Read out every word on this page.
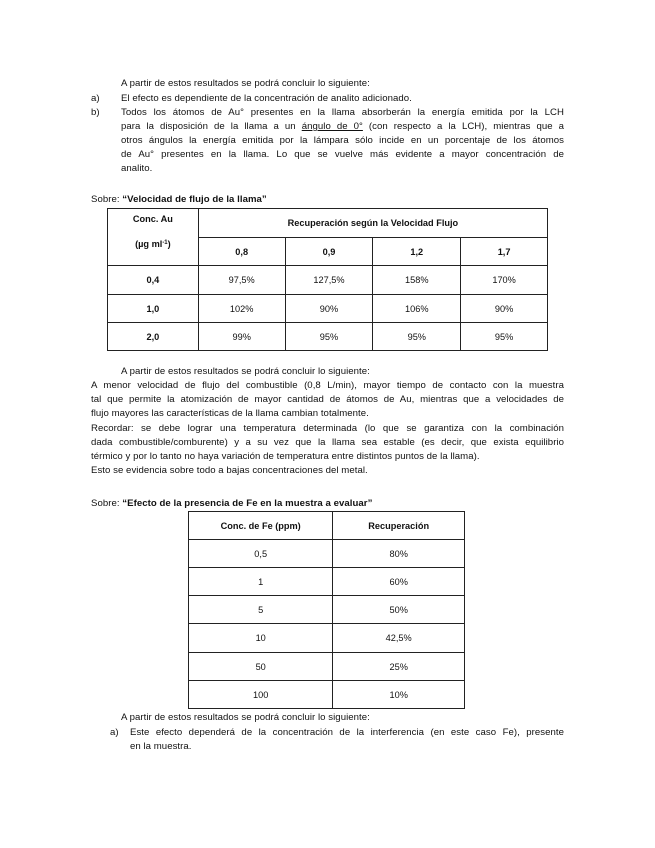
A partir de estos resultados se podrá concluir lo siguiente:
a) El efecto es dependiente de la concentración de analito adicionado.
b) Todos los átomos de Au° presentes en la llama absorberán la energía emitida por la LCH
para la disposición de la llama a un ángulo de 0° (con respecto a la LCH), mientras que a
otros ángulos la energía emitida por la lámpara sólo incide en un porcentaje de los átomos
de Au° presentes en la llama. Lo que se vuelve más evidente a mayor concentración de
analito.
Sobre: “Velocidad de flujo de la llama”
Conc. Au
(µg $ml^{-1}$)	Recuperación según la Velocidad Flujo			
	0,8	0,9	1,2	1,7
0,4	97,5%	127,5%	158%	170%
1,0	102%	90%	106%	90%
2,0	99%	95%	95%	95%
A partir de estos resultados se podrá concluir lo siguiente:
A menor velocidad de flujo del combustible (0,8 L/min), mayor tiempo de contacto con la muestra
tal que permite la atomización de mayor cantidad de átomos de Au, mientras que a velocidades de
flujo mayores las características de la llama cambian totalmente.
Recordar: se debe lograr una temperatura determinada (lo que se garantiza con la combinación
dada combustible/comburente) y a su vez que la llama sea estable (es decir, que exista equilibrio
térmico y por lo tanto no haya variación de temperatura entre distintos puntos de la llama).
Esto se evidencia sobre todo a bajas concentraciones del metal.
Sobre: “Efecto de la presencia de Fe en la muestra a evaluar”
Conc. de Fe (ppm)	Recuperación
0,5	80%
1	60%
5	50%
10	42,5%
50	25%
100	10%
A partir de estos resultados se podrá concluir lo siguiente:
a) Este efecto dependerá de la concentración de la interferencia (en este caso Fe), presente
en la muestra.
